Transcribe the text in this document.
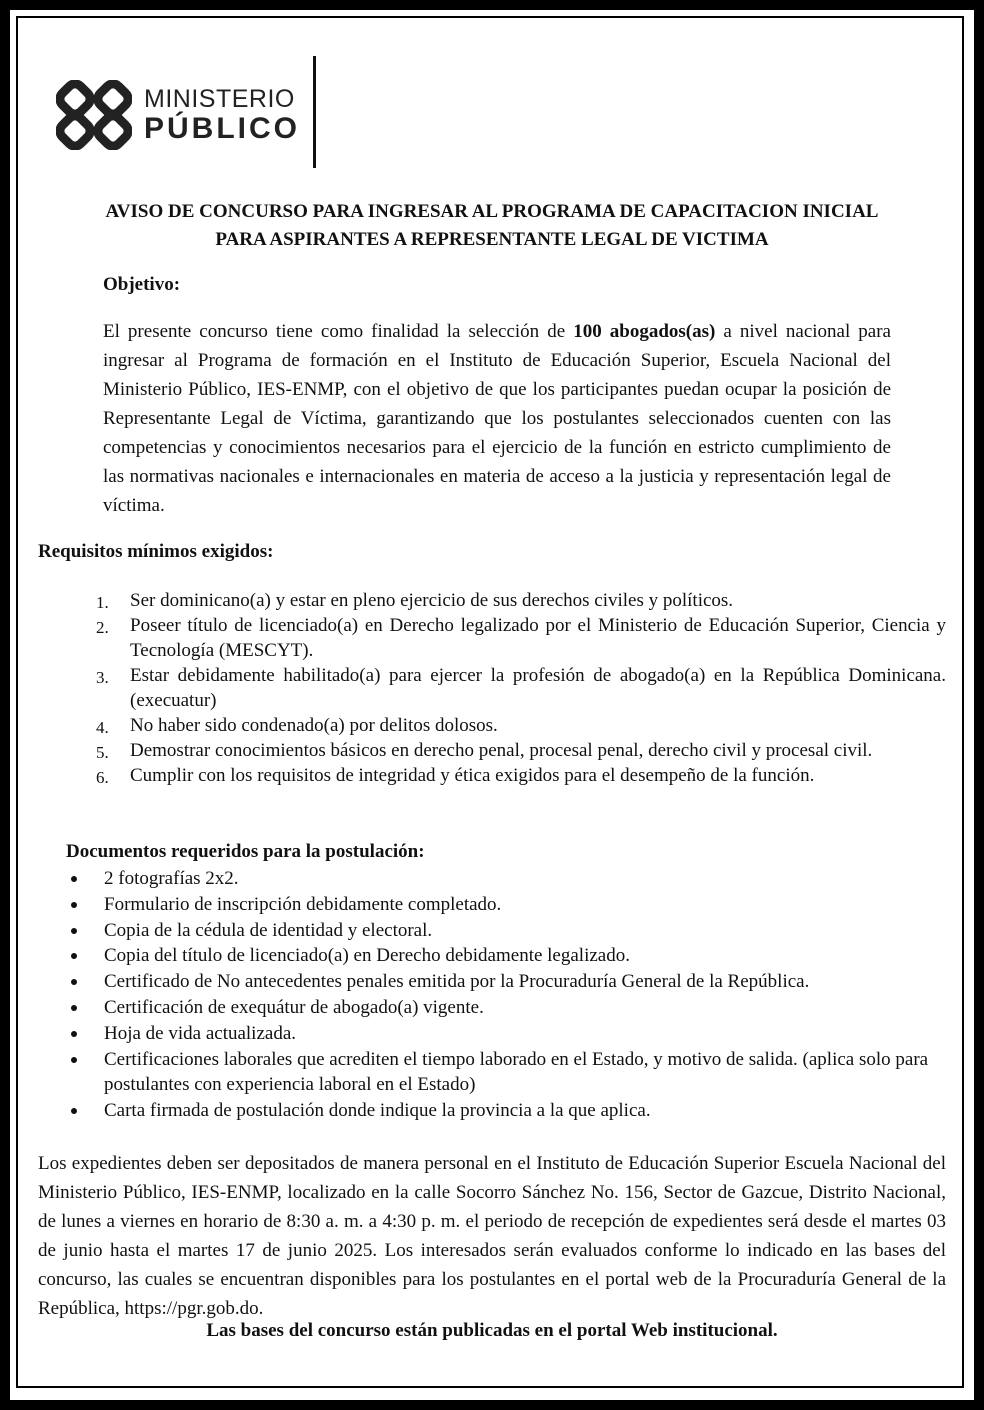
MINISTERIO
PÚBLICO
AVISO DE CONCURSO PARA INGRESAR AL PROGRAMA DE CAPACITACION INICIAL
PARA ASPIRANTES A REPRESENTANTE LEGAL DE VICTIMA
Objetivo:
El presente concurso tiene como finalidad la selección de 100 abogados(as) a nivel nacional para ingresar al Programa de formación en el Instituto de Educación Superior, Escuela Nacional del Ministerio Público, IES-ENMP, con el objetivo de que los participantes puedan ocupar la posición de Representante Legal de Víctima, garantizando que los postulantes seleccionados cuenten con las competencias y conocimientos necesarios para el ejercicio de la función en estricto cumplimiento de las normativas nacionales e internacionales en materia de acceso a la justicia y representación legal de víctima.
Requisitos mínimos exigidos:
1. Ser dominicano(a) y estar en pleno ejercicio de sus derechos civiles y políticos.
2. Poseer título de licenciado(a) en Derecho legalizado por el Ministerio de Educación Superior, Ciencia y Tecnología (MESCYT).
3. Estar debidamente habilitado(a) para ejercer la profesión de abogado(a) en la República Dominicana. (execuatur)
4. No haber sido condenado(a) por delitos dolosos.
5. Demostrar conocimientos básicos en derecho penal, procesal penal, derecho civil y procesal civil.
6. Cumplir con los requisitos de integridad y ética exigidos para el desempeño de la función.
Documentos requeridos para la postulación:
2 fotografías 2x2.
Formulario de inscripción debidamente completado.
Copia de la cédula de identidad y electoral.
Copia del título de licenciado(a) en Derecho debidamente legalizado.
Certificado de No antecedentes penales emitida por la Procuraduría General de la República.
Certificación de exequátur de abogado(a) vigente.
Hoja de vida actualizada.
Certificaciones laborales que acrediten el tiempo laborado en el Estado, y motivo de salida. (aplica solo para postulantes con experiencia laboral en el Estado)
Carta firmada de postulación donde indique la provincia a la que aplica.
Los expedientes deben ser depositados de manera personal en el Instituto de Educación Superior Escuela Nacional del Ministerio Público, IES-ENMP, localizado en la calle Socorro Sánchez No. 156, Sector de Gazcue, Distrito Nacional, de lunes a viernes en horario de 8:30 a. m. a 4:30 p. m. el periodo de recepción de expedientes será desde el martes 03 de junio hasta el martes 17 de junio 2025. Los interesados serán evaluados conforme lo indicado en las bases del concurso, las cuales se encuentran disponibles para los postulantes en el portal web de la Procuraduría General de la República, https://pgr.gob.do.
Las bases del concurso están publicadas en el portal Web institucional.
